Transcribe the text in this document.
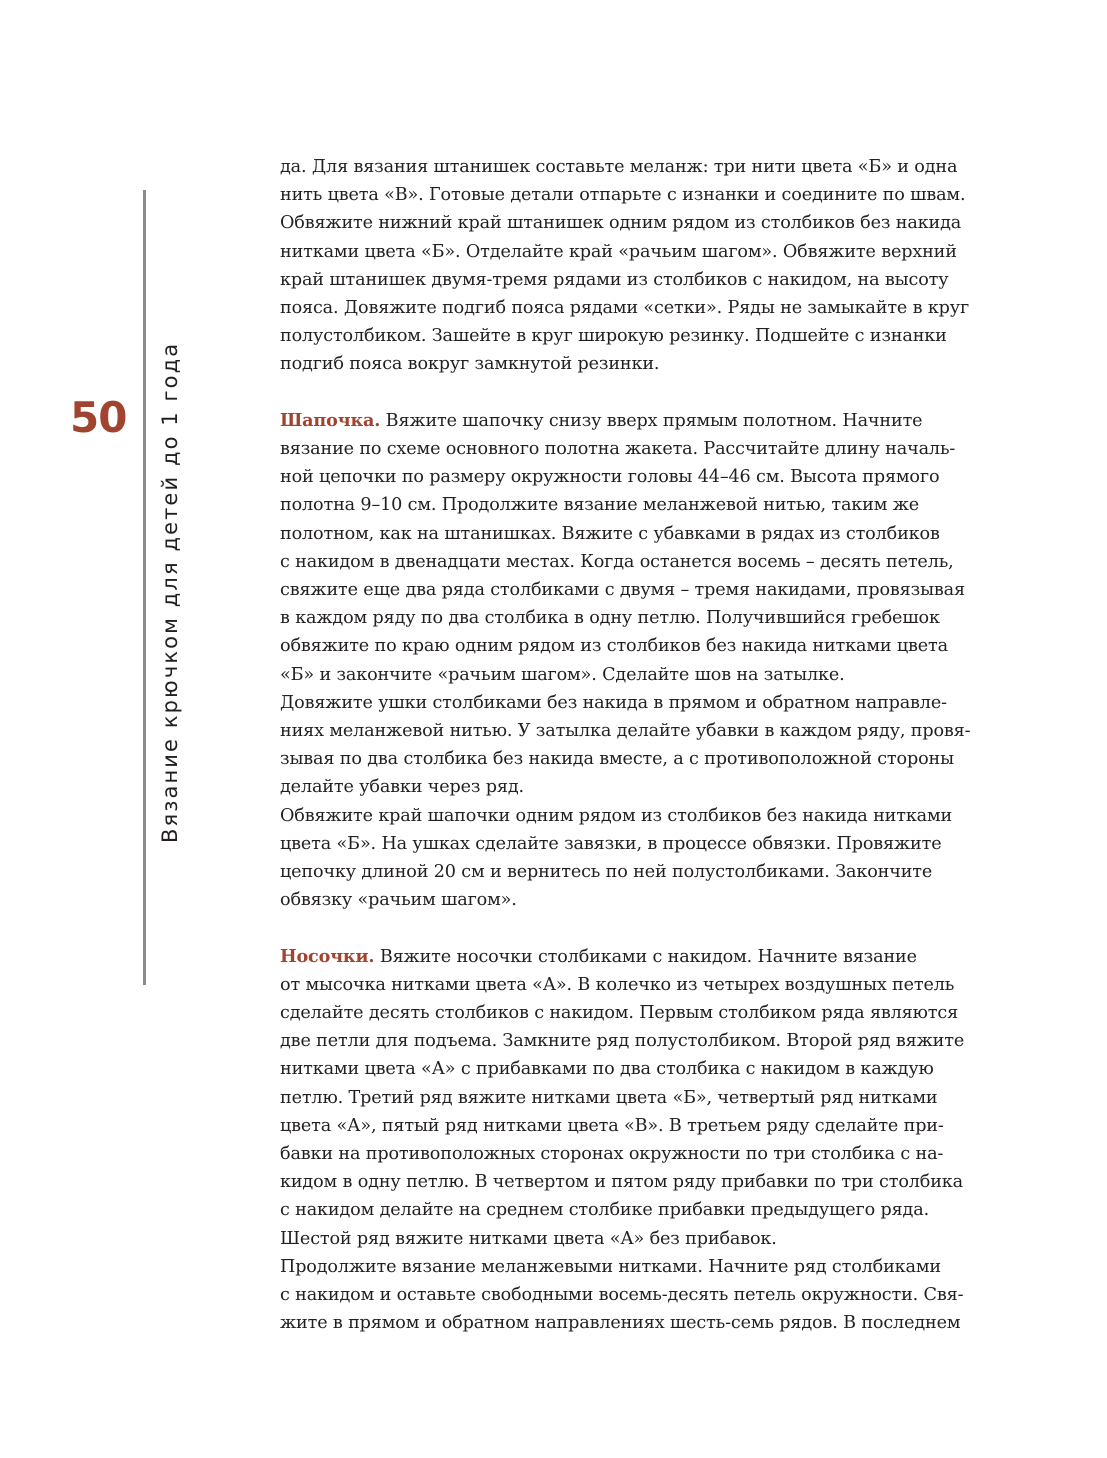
50	Вязание крючком для детей до 1 года
да. Для вязания штанишек составьте меланж: три нити цвета «Б» и одна
нить цвета «В». Готовые детали отпарьте с изнанки и соедините по швам.
Обвяжите нижний край штанишек одним рядом из столбиков без накида
нитками цвета «Б». Отделайте край «рачьим шагом». Обвяжите верхний
край штанишек двумя-тремя рядами из столбиков с накидом, на высоту
пояса. Довяжите подгиб пояса рядами «сетки». Ряды не замыкайте в круг
полустолбиком. Зашейте в круг широкую резинку. Подшейте с изнанки
подгиб пояса вокруг замкнутой резинки.
Шапочка. Вяжите шапочку снизу вверх прямым полотном. Начните
вязание по схеме основного полотна жакета. Рассчитайте длину началь-
ной цепочки по размеру окружности головы 44–46 см. Высота прямого
полотна 9–10 см. Продолжите вязание меланжевой нитью, таким же
полотном, как на штанишках. Вяжите с убавками в рядах из столбиков
с накидом в двенадцати местах. Когда останется восемь – десять петель,
свяжите еще два ряда столбиками с двумя – тремя накидами, провязывая
в каждом ряду по два столбика в одну петлю. Получившийся гребешок
обвяжите по краю одним рядом из столбиков без накида нитками цвета
«Б» и закончите «рачьим шагом». Сделайте шов на затылке.
Довяжите ушки столбиками без накида в прямом и обратном направле-
ниях меланжевой нитью. У затылка делайте убавки в каждом ряду, провя-
зывая по два столбика без накида вместе, а с противоположной стороны
делайте убавки через ряд.
Обвяжите край шапочки одним рядом из столбиков без накида нитками
цвета «Б». На ушках сделайте завязки, в процессе обвязки. Провяжите
цепочку длиной 20 см и вернитесь по ней полустолбиками. Закончите
обвязку «рачьим шагом».
Носочки. Вяжите носочки столбиками с накидом. Начните вязание
от мысочка нитками цвета «А». В колечко из четырех воздушных петель
сделайте десять столбиков с накидом. Первым столбиком ряда являются
две петли для подъема. Замкните ряд полустолбиком. Второй ряд вяжите
нитками цвета «А» с прибавками по два столбика с накидом в каждую
петлю. Третий ряд вяжите нитками цвета «Б», четвертый ряд нитками
цвета «А», пятый ряд нитками цвета «В». В третьем ряду сделайте при-
бавки на противоположных сторонах окружности по три столбика с на-
кидом в одну петлю. В четвертом и пятом ряду прибавки по три столбика
с накидом делайте на среднем столбике прибавки предыдущего ряда.
Шестой ряд вяжите нитками цвета «А» без прибавок.
Продолжите вязание меланжевыми нитками. Начните ряд столбиками
с накидом и оставьте свободными восемь-десять петель окружности. Свя-
жите в прямом и обратном направлениях шесть-семь рядов. В последнем
